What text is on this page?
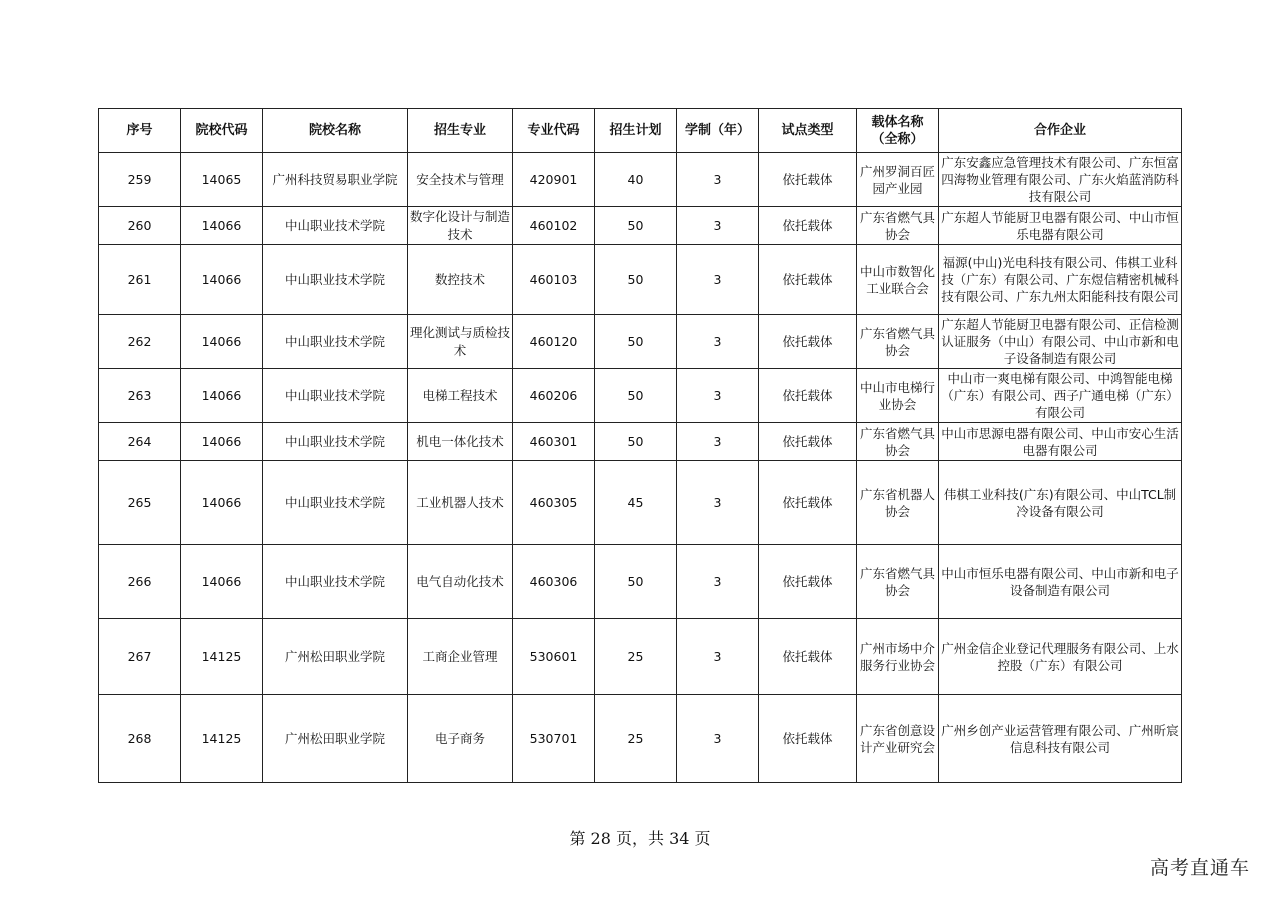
序号	院校代码	院校名称	招生专业	专业代码	招生计划	学制（年）	试点类型	载体名称（全称）	合作企业
259	14065	广州科技贸易职业学院	安全技术与管理	420901	40	3	依托载体	广州罗洞百匠园产业园	广东安鑫应急管理技术有限公司、广东恒富四海物业管理有限公司、广东火焰蓝消防科技有限公司
260	14066	中山职业技术学院	数字化设计与制造技术	460102	50	3	依托载体	广东省燃气具协会	广东超人节能厨卫电器有限公司、中山市恒乐电器有限公司
261	14066	中山职业技术学院	数控技术	460103	50	3	依托载体	中山市数智化工业联合会	福源(中山)光电科技有限公司、伟棋工业科技（广东）有限公司、广东煜信精密机械科技有限公司、广东九州太阳能科技有限公司
262	14066	中山职业技术学院	理化测试与质检技术	460120	50	3	依托载体	广东省燃气具协会	广东超人节能厨卫电器有限公司、正信检测认证服务（中山）有限公司、中山市新和电子设备制造有限公司
263	14066	中山职业技术学院	电梯工程技术	460206	50	3	依托载体	中山市电梯行业协会	中山市一爽电梯有限公司、中鸿智能电梯（广东）有限公司、西子广通电梯（广东）有限公司
264	14066	中山职业技术学院	机电一体化技术	460301	50	3	依托载体	广东省燃气具协会	中山市思源电器有限公司、中山市安心生活电器有限公司
265	14066	中山职业技术学院	工业机器人技术	460305	45	3	依托载体	广东省机器人协会	伟棋工业科技(广东)有限公司、中山TCL制冷设备有限公司
266	14066	中山职业技术学院	电气自动化技术	460306	50	3	依托载体	广东省燃气具协会	中山市恒乐电器有限公司、中山市新和电子设备制造有限公司
267	14125	广州松田职业学院	工商企业管理	530601	25	3	依托载体	广州市场中介服务行业协会	广州金信企业登记代理服务有限公司、上水控股（广东）有限公司
268	14125	广州松田职业学院	电子商务	530701	25	3	依托载体	广东省创意设计产业研究会	广州乡创产业运营管理有限公司、广州昕宸信息科技有限公司
第 28 页，共 34 页
高考直通车
